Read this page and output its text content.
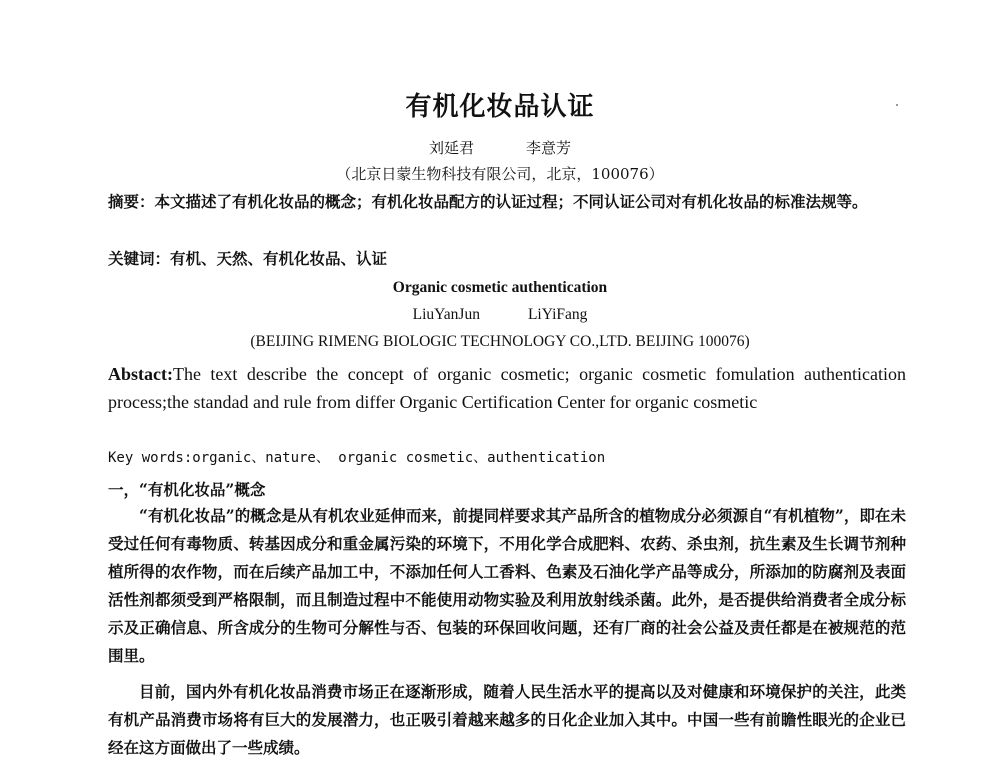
有机化妆品认证
刘延君	李意芳
（北京日蒙生物科技有限公司，北京，100076）
摘要：本文描述了有机化妆品的概念；有机化妆品配方的认证过程；不同认证公司对有机化妆品的标准法规等。
关键词：有机、天然、有机化妆品、认证
Organic cosmetic authentication
LiuYanJun	LiYiFang
(BEIJING RIMENG BIOLOGIC TECHNOLOGY CO.,LTD. BEIJING 100076)
Abstact:The text describe the concept of organic cosmetic; organic cosmetic fomulation authentication process;the standad and rule from differ Organic Certification Center for organic cosmetic
Key words:organic、nature、 organic cosmetic、authentication
一，“有机化妆品”概念
“有机化妆品”的概念是从有机农业延伸而来，前提同样要求其产品所含的植物成分必须源自“有机植物”，即在未受过任何有毒物质、转基因成分和重金属污染的环境下，不用化学合成肥料、农药、杀虫剂，抗生素及生长调节剂种植所得的农作物，而在后续产品加工中，不添加任何人工香料、色素及石油化学产品等成分，所添加的防腐剂及表面活性剂都须受到严格限制，而且制造过程中不能使用动物实验及利用放射线杀菌。此外，是否提供给消费者全成分标示及正确信息、所含成分的生物可分解性与否、包装的环保回收问题，还有厂商的社会公益及责任都是在被规范的范围里。
目前，国内外有机化妆品消费市场正在逐渐形成，随着人民生活水平的提高以及对健康和环境保护的关注，此类有机产品消费市场将有巨大的发展潜力，也正吸引着越来越多的日化企业加入其中。中国一些有前瞻性眼光的企业已经在这方面做出了一些成绩。
